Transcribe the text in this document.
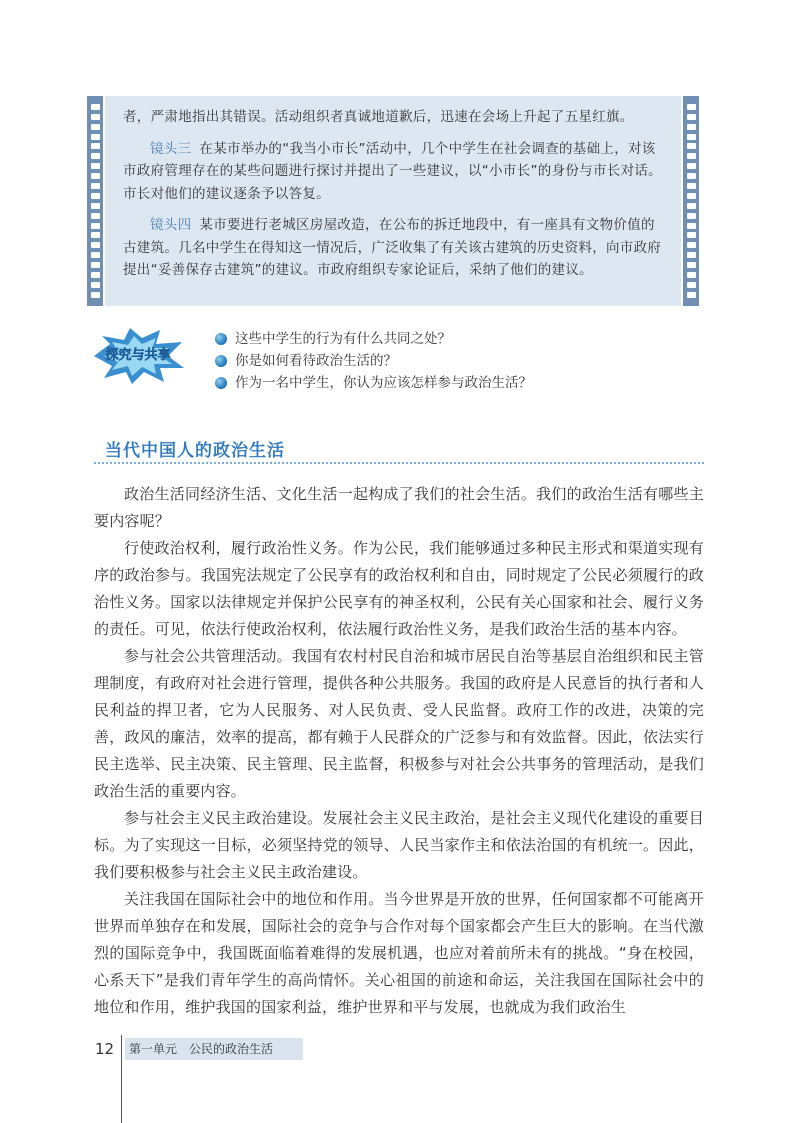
者，严肃地指出其错误。活动组织者真诚地道歉后，迅速在会场上升起了五星红旗。

镜头三 在某市举办的“我当小市长”活动中，几个中学生在社会调查的基础上，对该市政府管理存在的某些问题进行探讨并提出了一些建议，以“小市长”的身份与市长对话。市长对他们的建议逐条予以答复。

镜头四 某市要进行老城区房屋改造，在公布的拆迁地段中，有一座具有文物价值的古建筑。几名中学生在得知这一情况后，广泛收集了有关该古建筑的历史资料，向市政府提出“妥善保存古建筑”的建议。市政府组织专家论证后，采纳了他们的建议。

探究与共享
这些中学生的行为有什么共同之处？
你是如何看待政治生活的？
作为一名中学生，你认为应该怎样参与政治生活？
当代中国人的政治生活

政治生活同经济生活、文化生活一起构成了我们的社会生活。我们的政治生活有哪些主要内容呢？

行使政治权利，履行政治性义务。作为公民，我们能够通过多种民主形式和渠道实现有序的政治参与。我国宪法规定了公民享有的政治权利和自由，同时规定了公民必须履行的政治性义务。国家以法律规定并保护公民享有的神圣权利，公民有关心国家和社会、履行义务的责任。可见，依法行使政治权利，依法履行政治性义务，是我们政治生活的基本内容。

参与社会公共管理活动。我国有农村村民自治和城市居民自治等基层自治组织和民主管理制度，有政府对社会进行管理，提供各种公共服务。我国的政府是人民意旨的执行者和人民利益的捍卫者，它为人民服务、对人民负责、受人民监督。政府工作的改进，决策的完善，政风的廉洁，效率的提高，都有赖于人民群众的广泛参与和有效监督。因此，依法实行民主选举、民主决策、民主管理、民主监督，积极参与对社会公共事务的管理活动，是我们政治生活的重要内容。

参与社会主义民主政治建设。发展社会主义民主政治，是社会主义现代化建设的重要目标。为了实现这一目标，必须坚持党的领导、人民当家作主和依法治国的有机统一。因此，我们要积极参与社会主义民主政治建设。

关注我国在国际社会中的地位和作用。当今世界是开放的世界，任何国家都不可能离开世界而单独存在和发展，国际社会的竞争与合作对每个国家都会产生巨大的影响。在当代激烈的国际竞争中，我国既面临着难得的发展机遇，也应对着前所未有的挑战。“身在校园，心系天下”是我们青年学生的高尚情怀。关心祖国的前途和命运，关注我国在国际社会中的地位和作用，维护我国的国家利益，维护世界和平与发展，也就成为我们政治生

12	第一单元　公民的政治生活
